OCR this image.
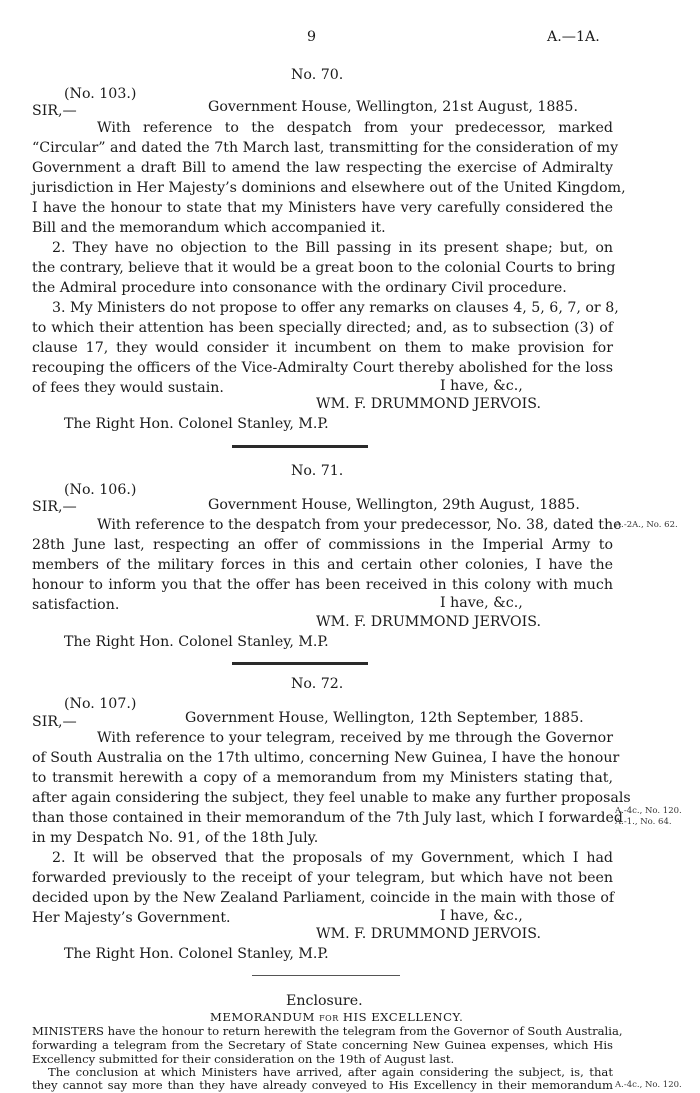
9	A.—1A.
No. 70.
(No. 103.)
SIR,—	Government House, Wellington, 21st August, 1885.
With reference to the despatch from your predecessor, marked
“Circular” and dated the 7th March last, transmitting for the consideration of my
Government a draft Bill to amend the law respecting the exercise of Admiralty
jurisdiction in Her Majesty’s dominions and elsewhere out of the United Kingdom,
I have the honour to state that my Ministers have very carefully considered the
Bill and the memorandum which accompanied it.
2. They have no objection to the Bill passing in its present shape; but, on
the contrary, believe that it would be a great boon to the colonial Courts to bring
the Admiral procedure into consonance with the ordinary Civil procedure.
3. My Ministers do not propose to offer any remarks on clauses 4, 5, 6, 7, or 8,
to which their attention has been specially directed; and, as to subsection (3) of
clause 17, they would consider it incumbent on them to make provision for
recouping the officers of the Vice-Admiralty Court thereby abolished for the loss
of fees they would sustain.	I have, &c.,
WM. F. DRUMMOND JERVOIS.
The Right Hon. Colonel Stanley, M.P.
No. 71.
(No. 106.)
SIR,—	Government House, Wellington, 29th August, 1885.
With reference to the despatch from your predecessor, No. 38, dated the
28th June last, respecting an offer of commissions in the Imperial Army to
members of the military forces in this and certain other colonies, I have the
honour to inform you that the offer has been received in this colony with much
satisfaction.
A.-2A., No. 62.
I have, &c.,
WM. F. DRUMMOND JERVOIS.
The Right Hon. Colonel Stanley, M.P.
No. 72.
(No. 107.)
SIR,—	Government House, Wellington, 12th September, 1885.
With reference to your telegram, received by me through the Governor
of South Australia on the 17th ultimo, concerning New Guinea, I have the honour
to transmit herewith a copy of a memorandum from my Ministers stating that,
after again considering the subject, they feel unable to make any further proposals
than those contained in their memorandum of the 7th July last, which I forwarded
in my Despatch No. 91, of the 18th July.
2. It will be observed that the proposals of my Government, which I had
forwarded previously to the receipt of your telegram, but which have not been
decided upon by the New Zealand Parliament, coincide in the main with those of
Her Majesty’s Government.
A.-4c., No. 120.
A.-1., No. 64.
I have, &c.,
WM. F. DRUMMOND JERVOIS.
The Right Hon. Colonel Stanley, M.P.
Enclosure.
MEMORANDUM for HIS EXCELLENCY.
MINISTERS have the honour to return herewith the telegram from the Governor of South Australia,
forwarding a telegram from the Secretary of State concerning New Guinea expenses, which His
Excellency submitted for their consideration on the 19th of August last.
The conclusion at which Ministers have arrived, after again considering the subject, is, that
they cannot say more than they have already conveyed to His Excellency in their memorandum A.-4c., No. 120.
